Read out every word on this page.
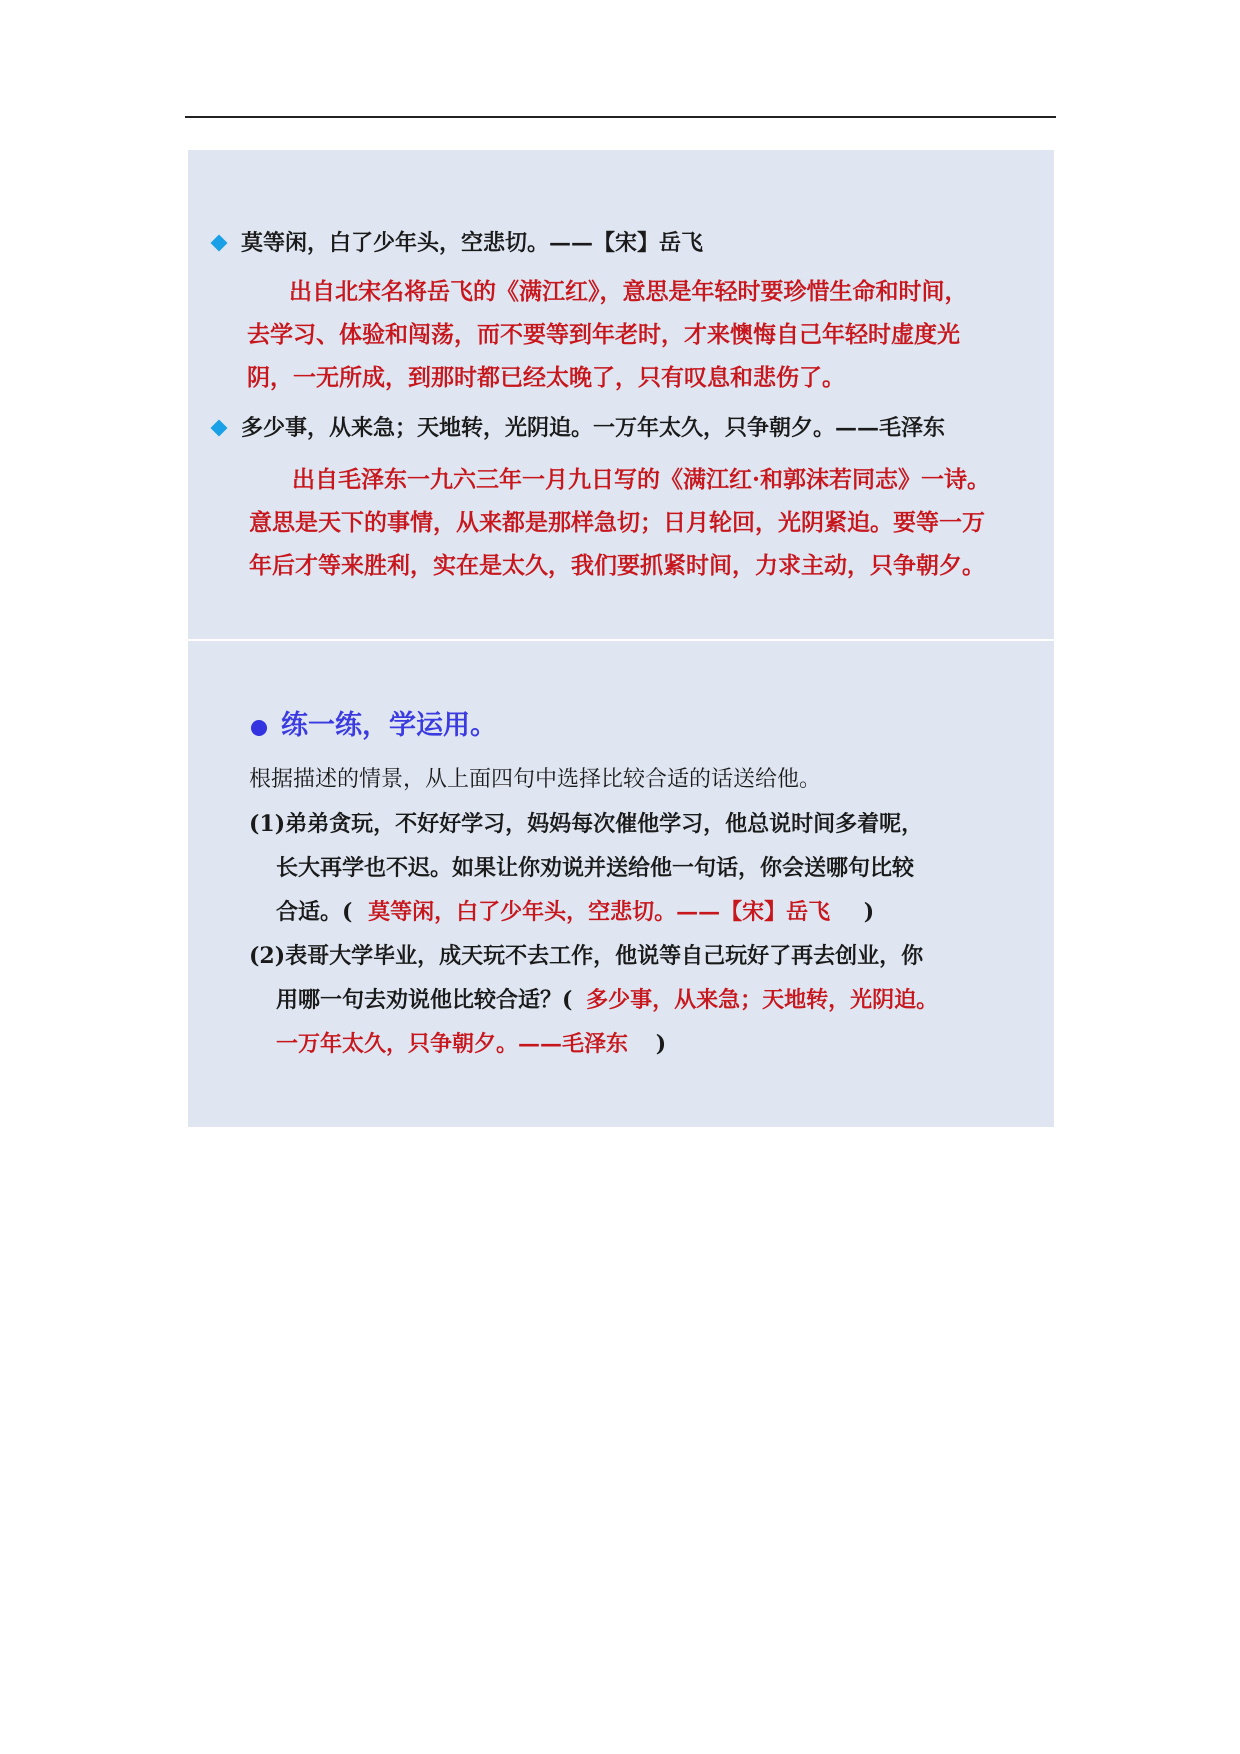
莫等闲，白了少年头，空悲切。——【宋】岳飞
出自北宋名将岳飞的《满江红》，意思是年轻时要珍惜生命和时间，
去学习、体验和闯荡，而不要等到年老时，才来懊悔自己年轻时虚度光
阴，一无所成，到那时都已经太晚了，只有叹息和悲伤了。
多少事，从来急；天地转，光阴迫。一万年太久，只争朝夕。——毛泽东
出自毛泽东一九六三年一月九日写的《满江红·和郭沫若同志》一诗。
意思是天下的事情，从来都是那样急切；日月轮回，光阴紧迫。要等一万
年后才等来胜利，实在是太久，我们要抓紧时间，力求主动，只争朝夕。
练一练，学运用。
根据描述的情景，从上面四句中选择比较合适的话送给他。
(1)弟弟贪玩，不好好学习，妈妈每次催他学习，他总说时间多着呢，
长大再学也不迟。如果让你劝说并送给他一句话，你会送哪句比较
合适。( 莫等闲，白了少年头，空悲切。——【宋】岳飞 )
(2)表哥大学毕业，成天玩不去工作，他说等自己玩好了再去创业，你
用哪一句去劝说他比较合适？( 多少事，从来急；天地转，光阴迫。
一万年太久，只争朝夕。——毛泽东 )
